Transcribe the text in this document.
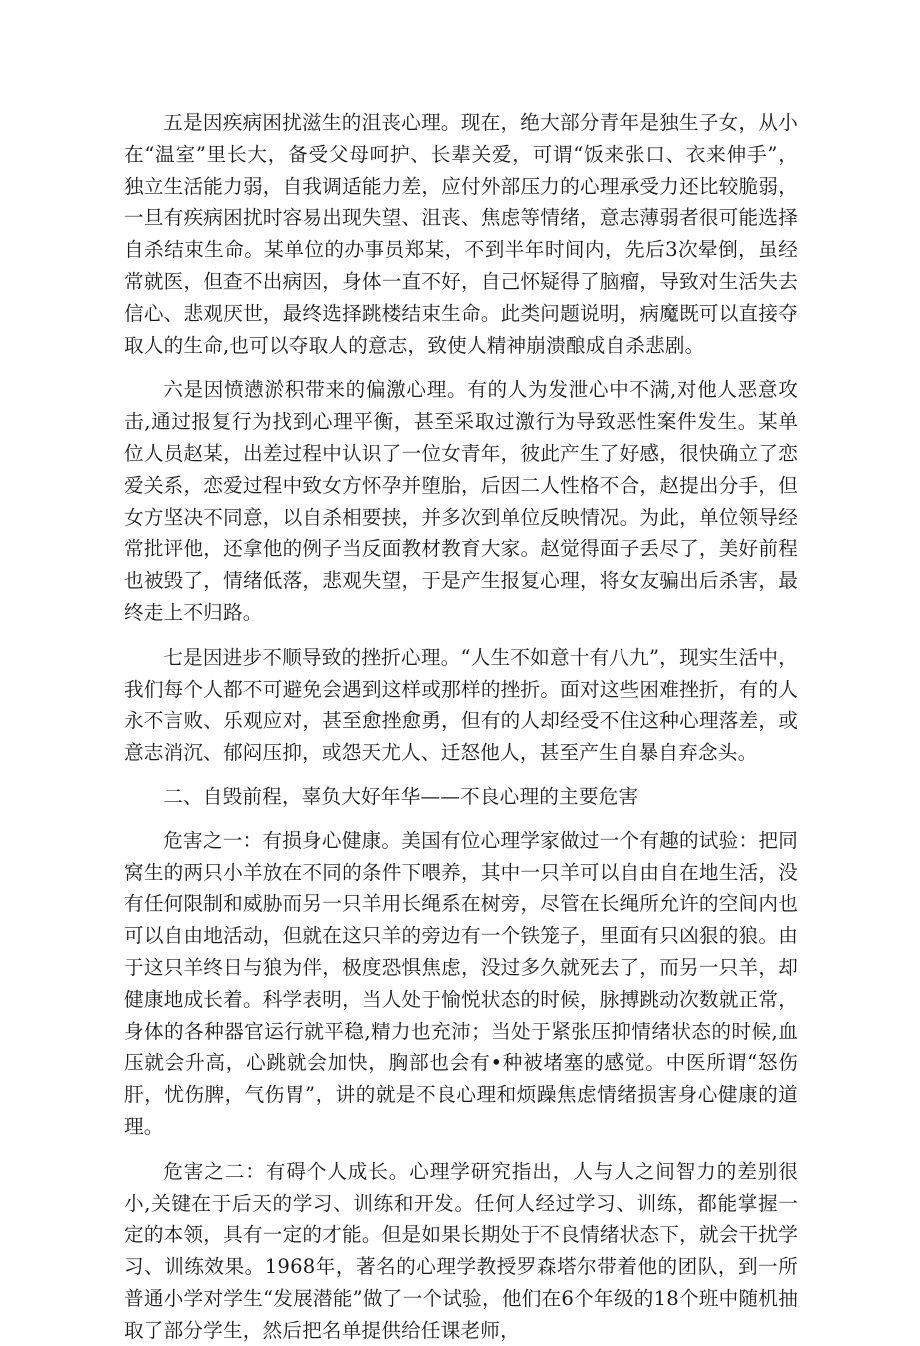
五是因疾病困扰滋生的沮丧心理。现在，绝大部分青年是独生子女，从小在“温室”里长大，备受父母呵护、长辈关爱，可谓“饭来张口、衣来伸手”，独立生活能力弱，自我调适能力差，应付外部压力的心理承受力还比较脆弱，一旦有疾病困扰时容易出现失望、沮丧、焦虑等情绪，意志薄弱者很可能选择自杀结束生命。某单位的办事员郑某，不到半年时间内，先后3次晕倒，虽经常就医，但查不出病因，身体一直不好，自己怀疑得了脑瘤，导致对生活失去信心、悲观厌世，最终选择跳楼结束生命。此类问题说明，病魔既可以直接夺取人的生命,也可以夺取人的意志，致使人精神崩溃酿成自杀悲剧。

六是因愤懑淤积带来的偏激心理。有的人为发泄心中不满,对他人恶意攻击,通过报复行为找到心理平衡，甚至采取过激行为导致恶性案件发生。某单位人员赵某，出差过程中认识了一位女青年，彼此产生了好感，很快确立了恋爱关系，恋爱过程中致女方怀孕并堕胎，后因二人性格不合，赵提出分手，但女方坚决不同意，以自杀相要挟，并多次到单位反映情况。为此，单位领导经常批评他，还拿他的例子当反面教材教育大家。赵觉得面子丢尽了，美好前程也被毁了，情绪低落，悲观失望，于是产生报复心理，将女友骗出后杀害，最终走上不归路。

七是因进步不顺导致的挫折心理。“人生不如意十有八九”，现实生活中，我们每个人都不可避免会遇到这样或那样的挫折。面对这些困难挫折，有的人永不言败、乐观应对，甚至愈挫愈勇，但有的人却经受不住这种心理落差，或意志消沉、郁闷压抑，或怨天尤人、迁怒他人，甚至产生自暴自弃念头。

二、自毁前程，辜负大好年华——不良心理的主要危害

危害之一：有损身心健康。美国有位心理学家做过一个有趣的试验：把同窝生的两只小羊放在不同的条件下喂养，其中一只羊可以自由自在地生活，没有任何限制和威胁而另一只羊用长绳系在树旁，尽管在长绳所允许的空间内也可以自由地活动，但就在这只羊的旁边有一个铁笼子，里面有只凶狠的狼。由于这只羊终日与狼为伴，极度恐惧焦虑，没过多久就死去了，而另一只羊，却健康地成长着。科学表明，当人处于愉悦状态的时候，脉搏跳动次数就正常，身体的各种器官运行就平稳,精力也充沛；当处于紧张压抑情绪状态的时候,血压就会升高，心跳就会加快，胸部也会有•种被堵塞的感觉。中医所谓“怒伤肝，忧伤脾，气伤胃”，讲的就是不良心理和烦躁焦虑情绪损害身心健康的道理。

危害之二：有碍个人成长。心理学研究指出，人与人之间智力的差别很小,关键在于后天的学习、训练和开发。任何人经过学习、训练，都能掌握一定的本领，具有一定的才能。但是如果长期处于不良情绪状态下，就会干扰学习、训练效果。1968年，著名的心理学教授罗森塔尔带着他的团队，到一所普通小学对学生“发展潜能”做了一个试验，他们在6个年级的18个班中随机抽取了部分学生，然后把名单提供给任课老师，
